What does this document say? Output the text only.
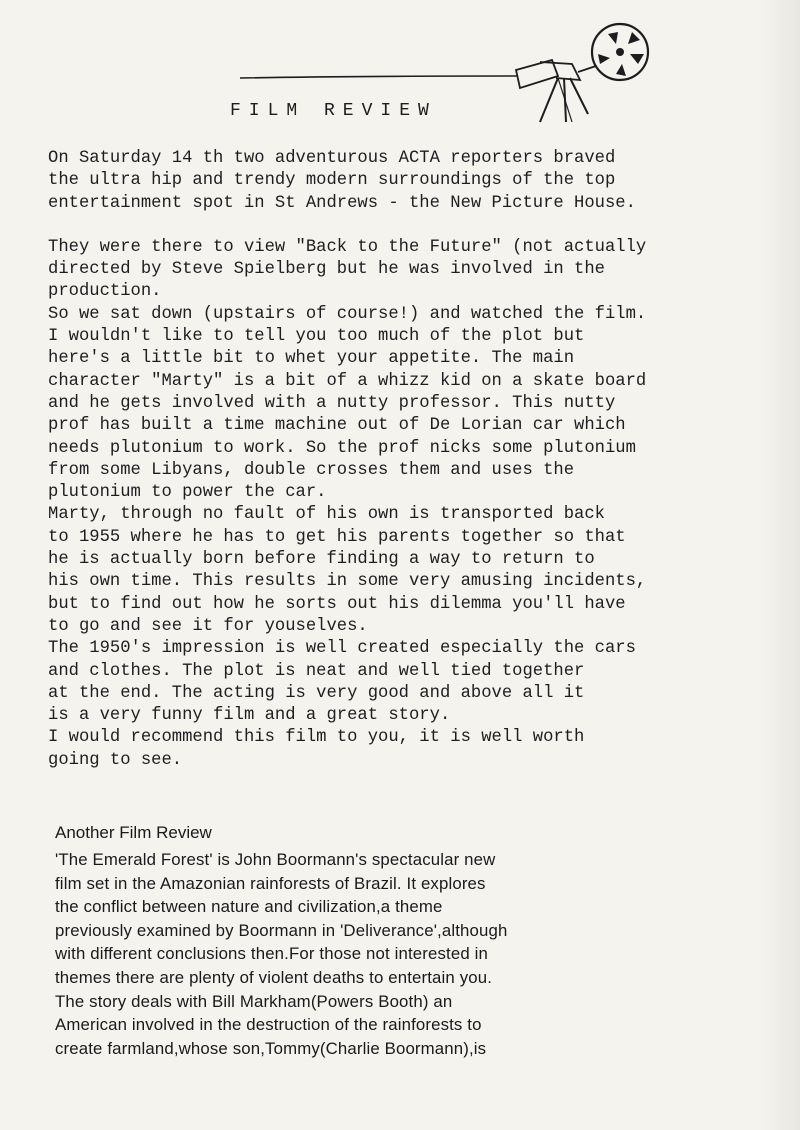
FILM REVIEW

On Saturday 14 th two adventurous ACTA reporters braved

the ultra hip and trendy modern surroundings of the top

entertainment spot in St Andrews - the New Picture House.

They were there to view "Back to the Future" (not actually

directed by Steve Spielberg but he was involved in the

production.

So we sat down (upstairs of course!) and watched the film.

I wouldn't like to tell you too much of the plot but

here's a little bit to whet your appetite. The main

character "Marty" is a bit of a whizz kid on a skate board

and he gets involved with a nutty professor. This nutty

prof has built a time machine out of De Lorian car which

needs plutonium to work. So the prof nicks some plutonium

from some Libyans, double crosses them and uses the

plutonium to power the car.

Marty, through no fault of his own is transported back

to 1955 where he has to get his parents together so that

he is actually born before finding a way to return to

his own time. This results in some very amusing incidents,

but to find out how he sorts out his dilemma you'll have

to go and see it for youselves.

The 1950's impression is well created especially the cars

and clothes. The plot is neat and well tied together

at the end. The acting is very good and above all it

is a very funny film and a great story.

I would recommend this film to you, it is well worth

going to see.

Another Film Review

'The Emerald Forest' is John Boormann's spectacular new

film set in the Amazonian rainforests of Brazil. It explores

the conflict between nature and civilization,a theme

previously examined by Boormann in 'Deliverance',although

with different conclusions then.For those not interested in

themes there are plenty of violent deaths to entertain you.

The story deals with Bill Markham(Powers Booth) an

American involved in the destruction of the rainforests to

create farmland,whose son,Tommy(Charlie Boormann),is
